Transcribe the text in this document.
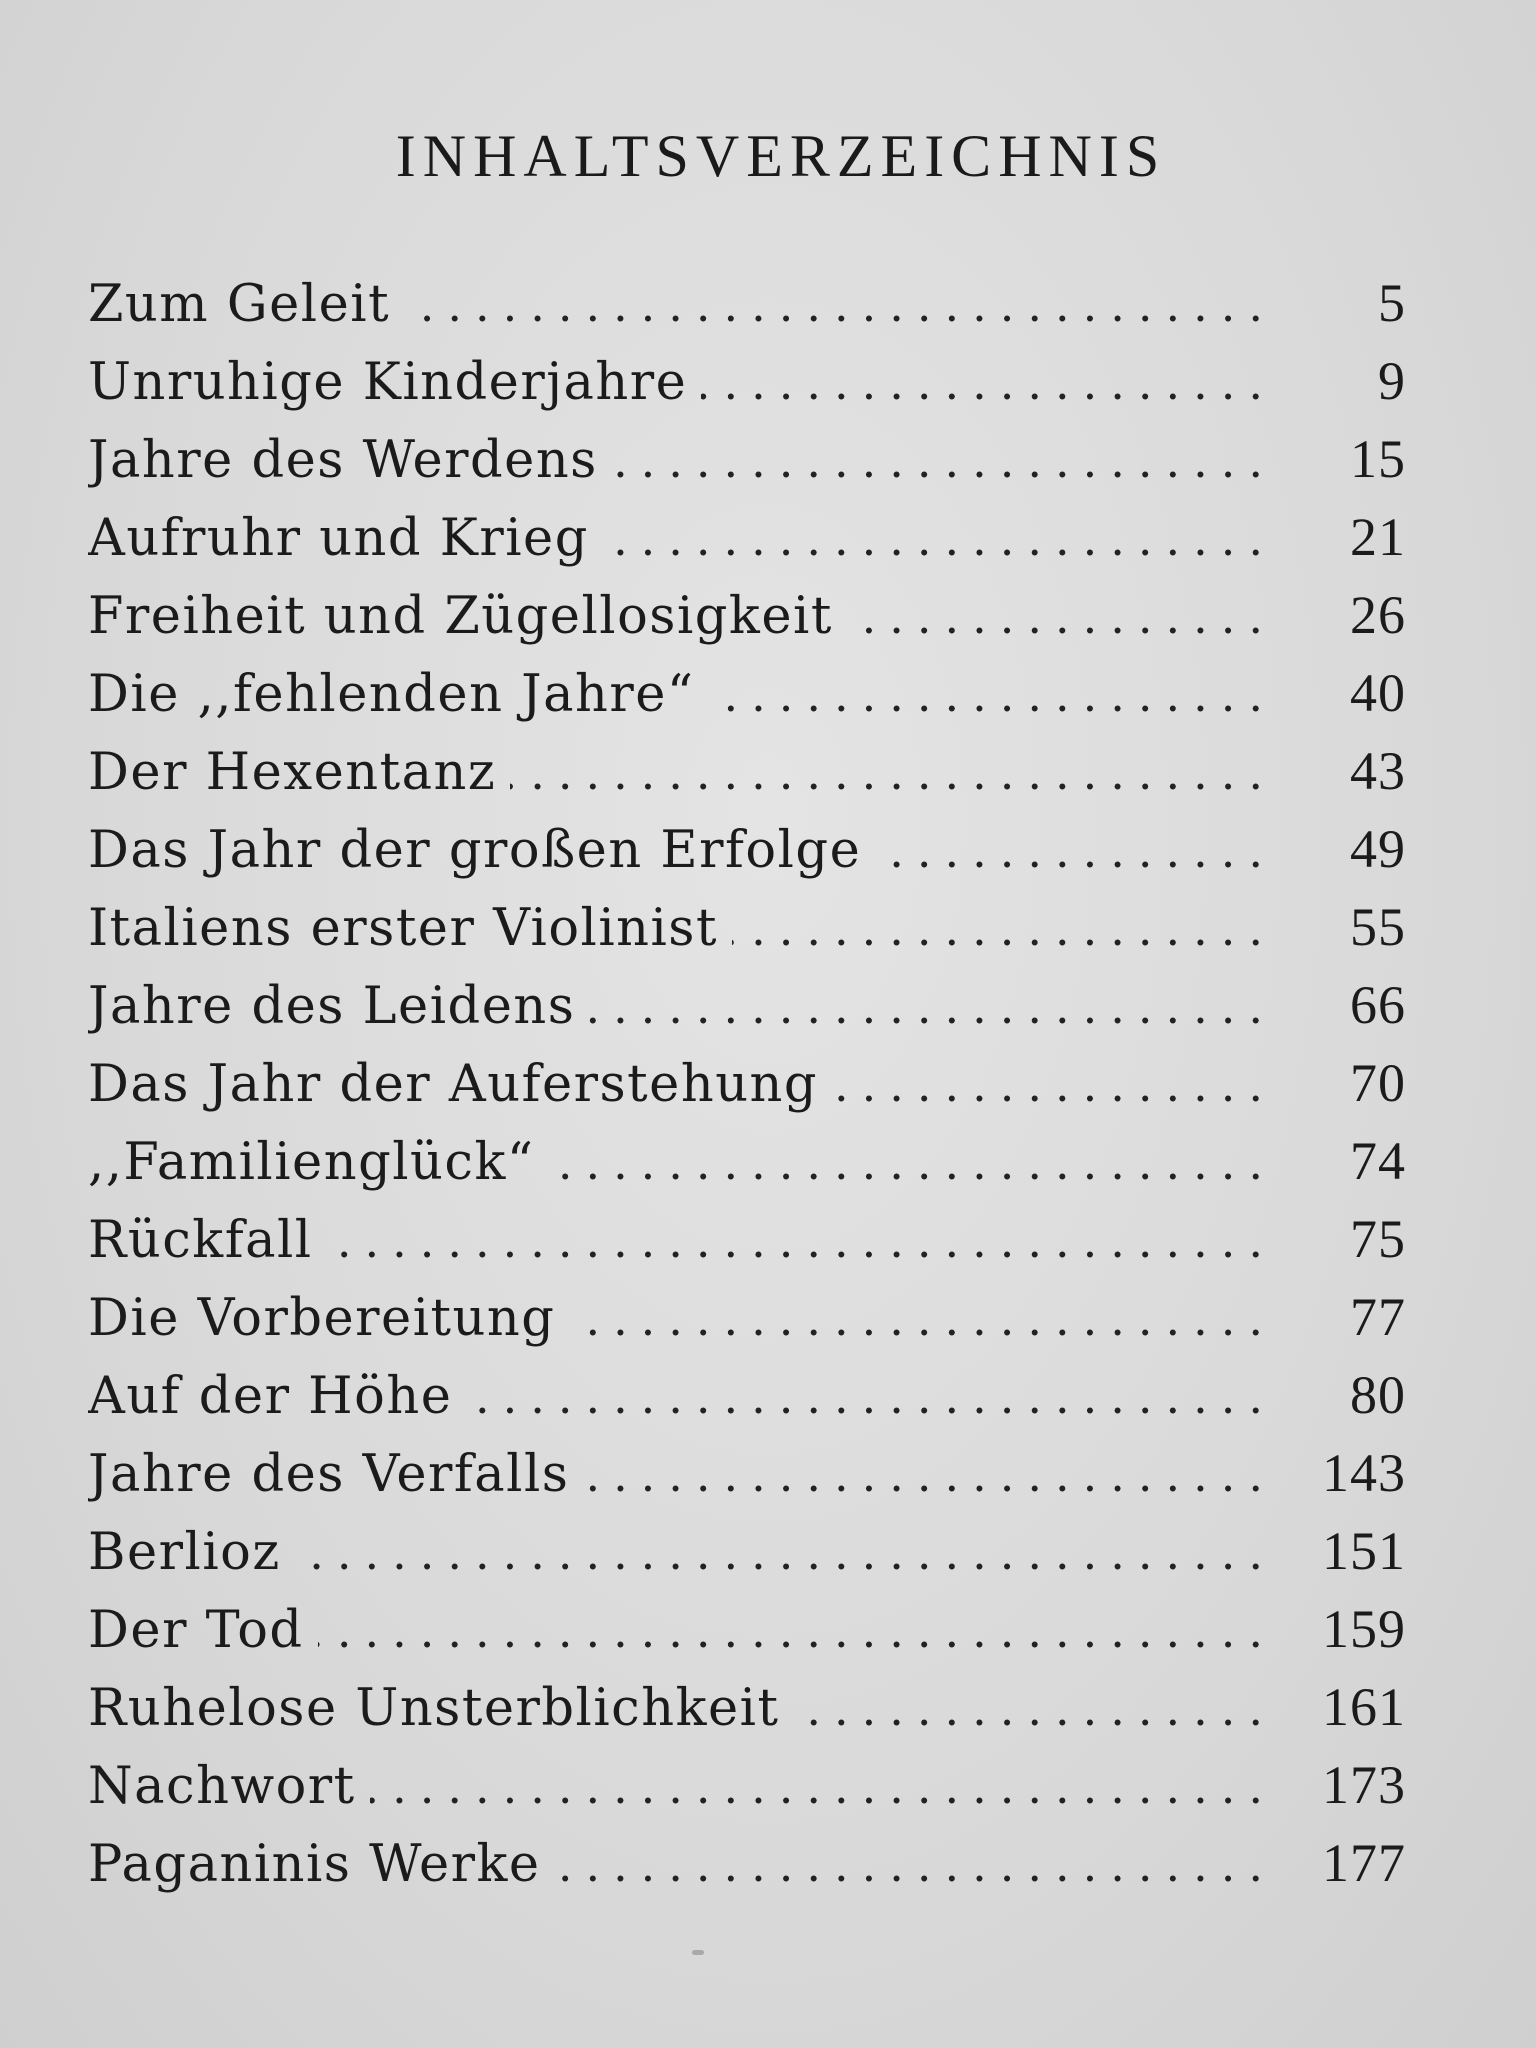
INHALTSVERZEICHNIS
Zum Geleit .....	5
Unruhige Kinderjahre .....	9
Jahre des Werdens .....	15
Aufruhr und Krieg .....	21
Freiheit und Zügellosigkeit .....	26
Die ,,fehlenden Jahre“ .....	40
Der Hexentanz .....	43
Das Jahr der großen Erfolge .....	49
Italiens erster Violinist .....	55
Jahre des Leidens .....	66
Das Jahr der Auferstehung .....	70
,,Familienglück“ .....	74
Rückfall .....	75
Die Vorbereitung .....	77
Auf der Höhe .....	80
Jahre des Verfalls .....	143
Berlioz .....	151
Der Tod .....	159
Ruhelose Unsterblichkeit .....	161
Nachwort .....	173
Paganinis Werke .....	177
